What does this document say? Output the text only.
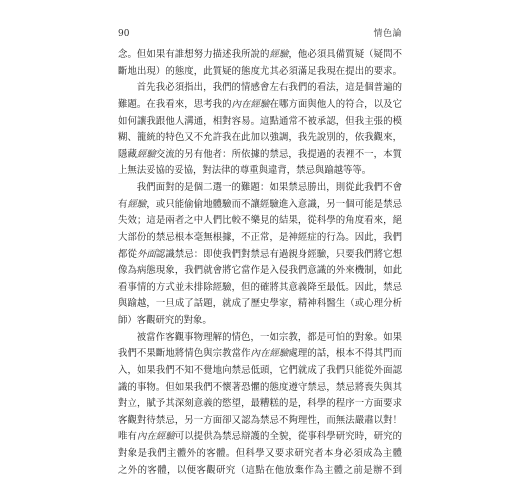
90	情色論
念。但如果有誰想努力描述我所說的經驗，他必須具備質疑（疑問不
斷地出現）的態度，此質疑的態度尤其必須滿足我現在提出的要求。
首先我必須指出，我們的情感會左右我們的看法，這是個普遍的
難題。在我看來，思考我的內在經驗在哪方面與他人的符合，以及它
如何讓我跟他人溝通，相對容易。這點通常不被承認，但我主張的模
糊、籠統的特色又不允許我在此加以強調，我先說別的，依我觀來，
隱藏經驗交流的另有他者：所依據的禁忌，我提過的表裡不一，本質
上無法妥協的妥協，對法律的尊重與違背，禁忌與踰越等等。
我們面對的是個二選一的難題：如果禁忌勝出，則從此我們不會
有經驗，或只能偷偷地體驗而不讓經驗進入意識，另一個可能是禁忌
失效；這是兩者之中人們比較不樂見的結果，從科學的角度看來，絕
大部份的禁忌根本毫無根據，不正常，是神經症的行為。因此，我們
都從外面認識禁忌：即使我們對禁忌有過親身經驗，只要我們將它想
像為病態現象，我們就會將它當作是入侵我們意識的外來機制，如此
看事情的方式並未排除經驗，但的確將其意義降至最低。因此，禁忌
與踰越，一旦成了話題，就成了歷史學家，精神科醫生（或心理分析
師）客觀研究的對象。
被當作客觀事物理解的情色，一如宗教，都是可怕的對象。如果
我們不果斷地將情色與宗教當作內在經驗處理的話，根本不得其門而
入，如果我們不知不覺地向禁忌低頭，它們就成了我們只能從外面認
識的事物。但如果我們不懷著恐懼的態度遵守禁忌，禁忌將喪失與其
對立，賦予其深刻意義的慾望，最糟糕的是，科學的程序一方面要求
客觀對待禁忌，另一方面卻又認為禁忌不夠理性，而無法嚴肅以對！
唯有內在經驗可以提供為禁忌辯護的全貌，從事科學研究時，研究的
對象是我們主體外的客體。但科學又要求研究者本身必須成為主體
之外的客體，以便客觀研究（這點在他放棄作為主體之前是辦不到
